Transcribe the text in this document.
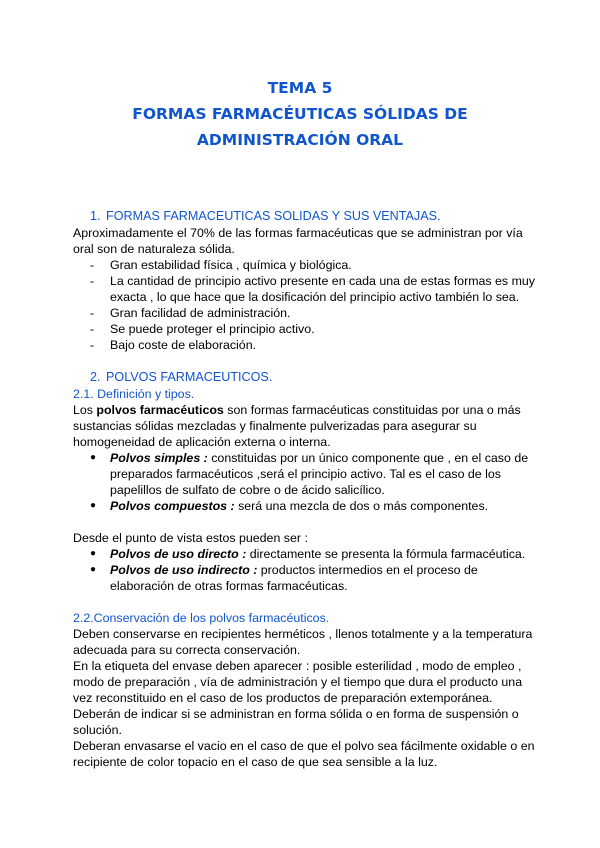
TEMA 5
FORMAS FARMACÉUTICAS SÓLIDAS DE
ADMINISTRACIÓN ORAL
1. FORMAS FARMACEUTICAS SOLIDAS Y SUS VENTAJAS.
Aproximadamente el 70% de las formas farmacéuticas que se administran por vía
oral son de naturaleza sólida.
- Gran estabilidad física , química y biológica.
- La cantidad de principio activo presente en cada una de estas formas es muy
exacta , lo que hace que la dosificación del principio activo también lo sea.
- Gran facilidad de administración.
- Se puede proteger el principio activo.
- Bajo coste de elaboración.
2. POLVOS FARMACEUTICOS.
2.1. Definición y tipos.
Los polvos farmacéuticos son formas farmacéuticas constituidas por una o más
sustancias sólidas mezcladas y finalmente pulverizadas para asegurar su
homogeneidad de aplicación externa o interna.
● Polvos simples : constituidas por un único componente que , en el caso de
preparados farmacéuticos ,será el principio activo. Tal es el caso de los
papelillos de sulfato de cobre o de ácido salicílico.
● Polvos compuestos : será una mezcla de dos o más componentes.
Desde el punto de vista estos pueden ser :
● Polvos de uso directo : directamente se presenta la fórmula farmacéutica.
● Polvos de uso indirecto : productos intermedios en el proceso de
elaboración de otras formas farmacéuticas.
2.2.Conservación de los polvos farmacéuticos.
Deben conservarse en recipientes herméticos , llenos totalmente y a la temperatura
adecuada para su correcta conservación.
En la etiqueta del envase deben aparecer : posible esterilidad , modo de empleo ,
modo de preparación , vía de administración y el tiempo que dura el producto una
vez reconstituido en el caso de los productos de preparación extemporánea.
Deberán de indicar si se administran en forma sólida o en forma de suspensión o
solución.
Deberan envasarse el vacio en el caso de que el polvo sea fácilmente oxidable o en
recipiente de color topacio en el caso de que sea sensible a la luz.
